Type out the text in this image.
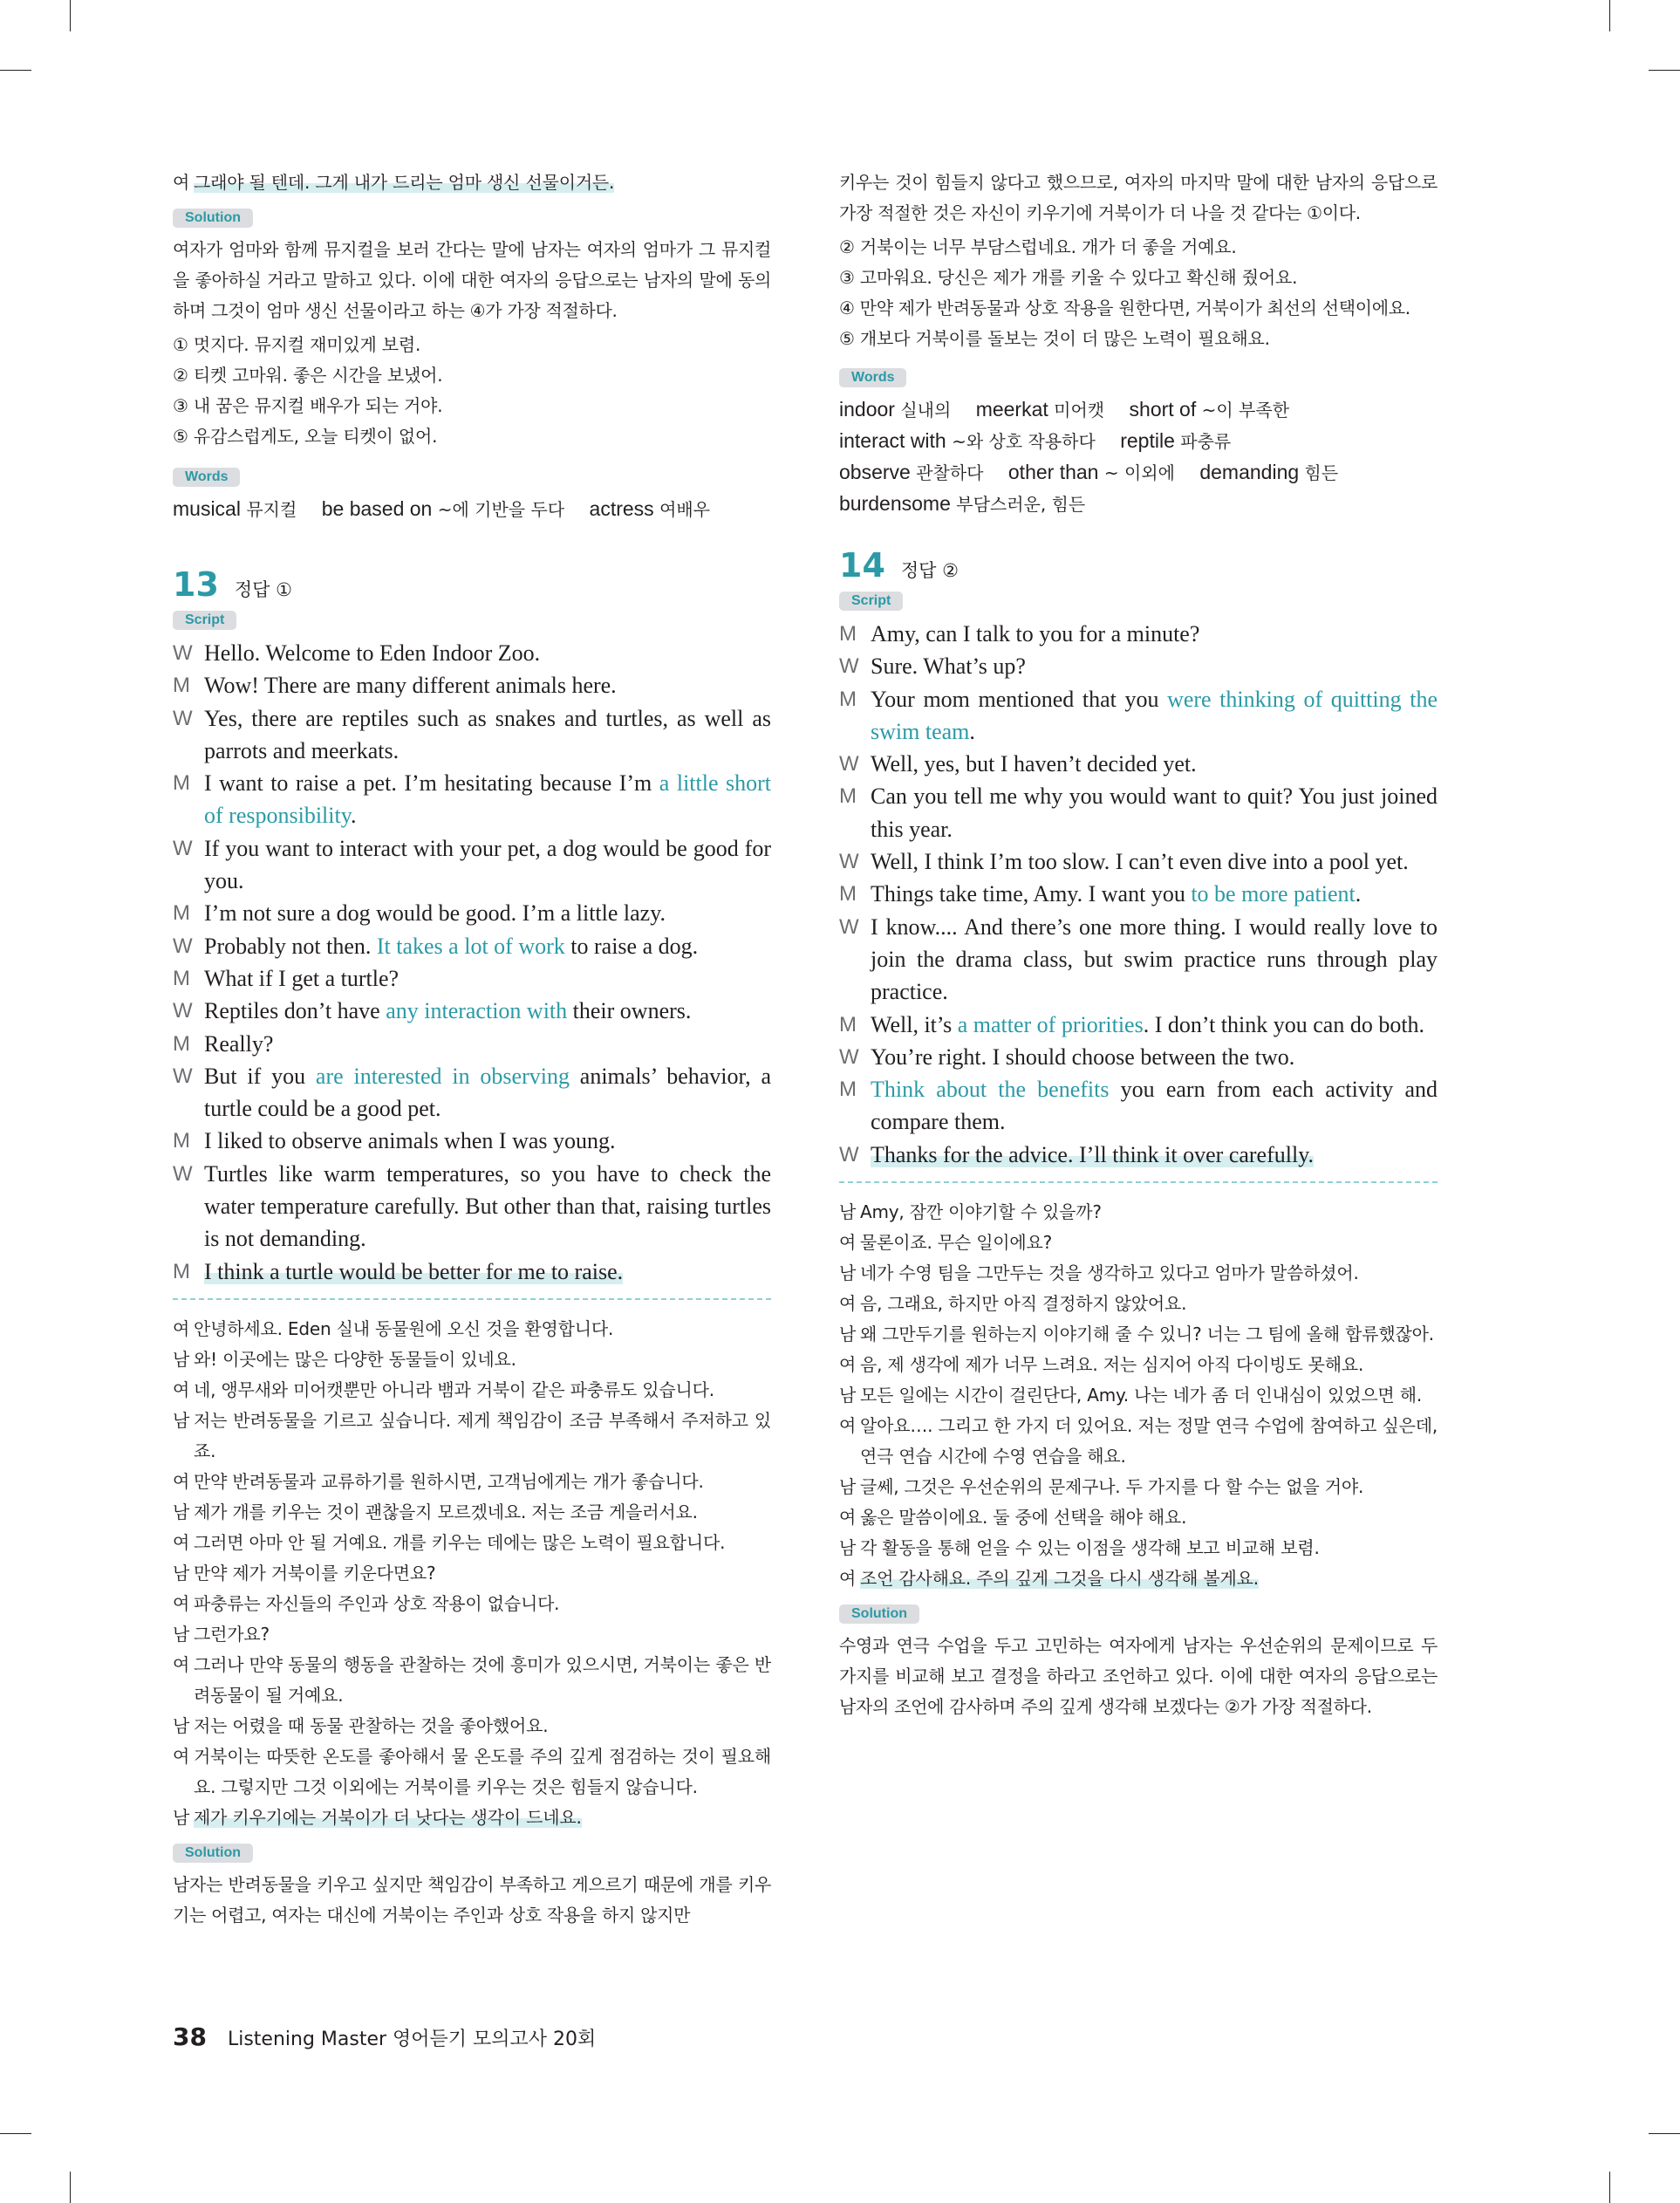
여 그래야 될 텐데. 그게 내가 드리는 엄마 생신 선물이거든.
Solution
여자가 엄마와 함께 뮤지컬을 보러 간다는 말에 남자는 여자의 엄마가 그 뮤지컬을 좋아하실 거라고 말하고 있다. 이에 대한 여자의 응답으로는 남자의 말에 동의하며 그것이 엄마 생신 선물이라고 하는 ④가 가장 적절하다.
① 멋지다. 뮤지컬 재미있게 보렴.
② 티켓 고마워. 좋은 시간을 보냈어.
③ 내 꿈은 뮤지컬 배우가 되는 거야.
⑤ 유감스럽게도, 오늘 티켓이 없어.
Words
musical 뮤지컬 be based on ~에 기반을 두다 actress 여배우
13 정답 ①
Script
W Hello. Welcome to Eden Indoor Zoo.
M Wow! There are many different animals here.
W Yes, there are reptiles such as snakes and turtles, as well as parrots and meerkats.
M I want to raise a pet. I’m hesitating because I’m a little short of responsibility.
W If you want to interact with your pet, a dog would be good for you.
M I’m not sure a dog would be good. I’m a little lazy.
W Probably not then. It takes a lot of work to raise a dog.
M What if I get a turtle?
W Reptiles don’t have any interaction with their owners.
M Really?
W But if you are interested in observing animals’ behavior, a turtle could be a good pet.
M I liked to observe animals when I was young.
W Turtles like warm temperatures, so you have to check the water temperature carefully. But other than that, raising turtles is not demanding.
M I think a turtle would be better for me to raise.
여 안녕하세요. Eden 실내 동물원에 오신 것을 환영합니다.
남 와! 이곳에는 많은 다양한 동물들이 있네요.
여 네, 앵무새와 미어캣뿐만 아니라 뱀과 거북이 같은 파충류도 있습니다.
남 저는 반려동물을 기르고 싶습니다. 제게 책임감이 조금 부족해서 주저하고 있죠.
여 만약 반려동물과 교류하기를 원하시면, 고객님에게는 개가 좋습니다.
남 제가 개를 키우는 것이 괜찮을지 모르겠네요. 저는 조금 게을러서요.
여 그러면 아마 안 될 거예요. 개를 키우는 데에는 많은 노력이 필요합니다.
남 만약 제가 거북이를 키운다면요?
여 파충류는 자신들의 주인과 상호 작용이 없습니다.
남 그런가요?
여 그러나 만약 동물의 행동을 관찰하는 것에 흥미가 있으시면, 거북이는 좋은 반려동물이 될 거예요.
남 저는 어렸을 때 동물 관찰하는 것을 좋아했어요.
여 거북이는 따뜻한 온도를 좋아해서 물 온도를 주의 깊게 점검하는 것이 필요해요. 그렇지만 그것 이외에는 거북이를 키우는 것은 힘들지 않습니다.
남 제가 키우기에는 거북이가 더 낫다는 생각이 드네요.
Solution
남자는 반려동물을 키우고 싶지만 책임감이 부족하고 게으르기 때문에 개를 키우기는 어렵고, 여자는 대신에 거북이는 주인과 상호 작용을 하지 않지만
키우는 것이 힘들지 않다고 했으므로, 여자의 마지막 말에 대한 남자의 응답으로 가장 적절한 것은 자신이 키우기에 거북이가 더 나을 것 같다는 ①이다.
② 거북이는 너무 부담스럽네요. 개가 더 좋을 거예요.
③ 고마워요. 당신은 제가 개를 키울 수 있다고 확신해 줬어요.
④ 만약 제가 반려동물과 상호 작용을 원한다면, 거북이가 최선의 선택이에요.
⑤ 개보다 거북이를 돌보는 것이 더 많은 노력이 필요해요.
Words
indoor 실내의 meerkat 미어캣 short of ~이 부족한
interact with ~와 상호 작용하다 reptile 파충류
observe 관찰하다 other than ~ 이외에 demanding 힘든
burdensome 부담스러운, 힘든
14 정답 ②
Script
M Amy, can I talk to you for a minute?
W Sure. What’s up?
M Your mom mentioned that you were thinking of quitting the swim team.
W Well, yes, but I haven’t decided yet.
M Can you tell me why you would want to quit? You just joined this year.
W Well, I think I’m too slow. I can’t even dive into a pool yet.
M Things take time, Amy. I want you to be more patient.
W I know.... And there’s one more thing. I would really love to join the drama class, but swim practice runs through play practice.
M Well, it’s a matter of priorities. I don’t think you can do both.
W You’re right. I should choose between the two.
M Think about the benefits you earn from each activity and compare them.
W Thanks for the advice. I’ll think it over carefully.
남 Amy, 잠깐 이야기할 수 있을까?
여 물론이죠. 무슨 일이에요?
남 네가 수영 팀을 그만두는 것을 생각하고 있다고 엄마가 말씀하셨어.
여 음, 그래요, 하지만 아직 결정하지 않았어요.
남 왜 그만두기를 원하는지 이야기해 줄 수 있니? 너는 그 팀에 올해 합류했잖아.
여 음, 제 생각에 제가 너무 느려요. 저는 심지어 아직 다이빙도 못해요.
남 모든 일에는 시간이 걸린단다, Amy. 나는 네가 좀 더 인내심이 있었으면 해.
여 알아요…. 그리고 한 가지 더 있어요. 저는 정말 연극 수업에 참여하고 싶은데, 연극 연습 시간에 수영 연습을 해요.
남 글쎄, 그것은 우선순위의 문제구나. 두 가지를 다 할 수는 없을 거야.
여 옳은 말씀이에요. 둘 중에 선택을 해야 해요.
남 각 활동을 통해 얻을 수 있는 이점을 생각해 보고 비교해 보렴.
여 조언 감사해요. 주의 깊게 그것을 다시 생각해 볼게요.
Solution
수영과 연극 수업을 두고 고민하는 여자에게 남자는 우선순위의 문제이므로 두 가지를 비교해 보고 결정을 하라고 조언하고 있다. 이에 대한 여자의 응답으로는 남자의 조언에 감사하며 주의 깊게 생각해 보겠다는 ②가 가장 적절하다.
38 Listening Master 영어듣기 모의고사 20회
